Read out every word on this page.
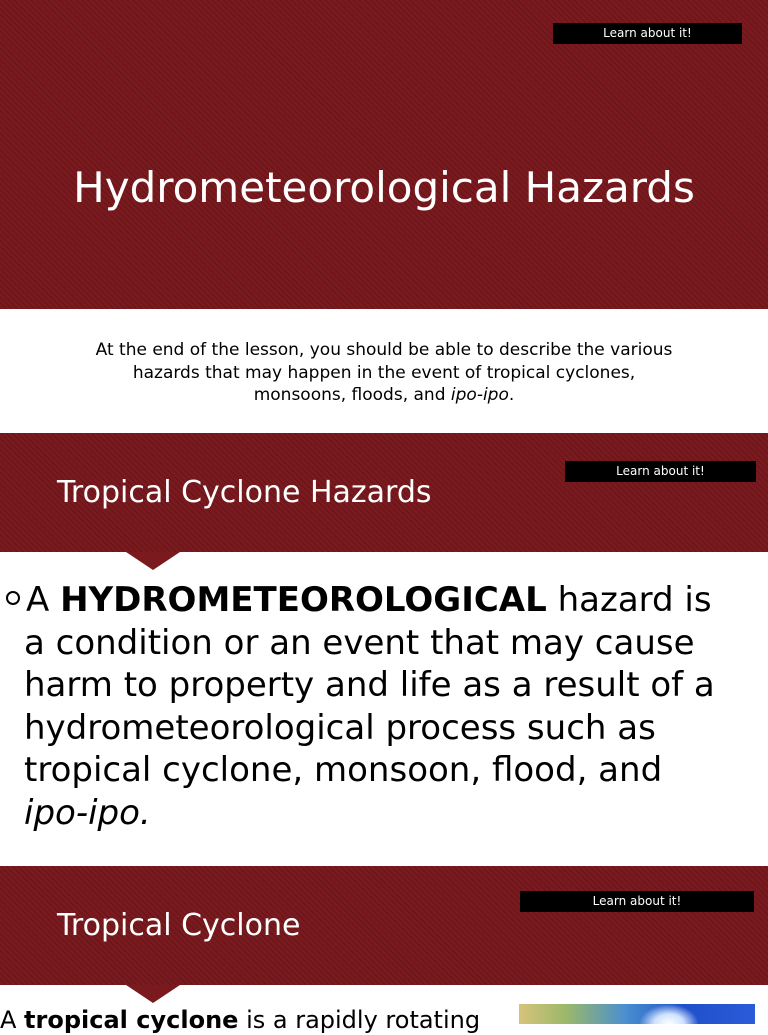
Learn about it!
Hydrometeorological Hazards
At the end of the lesson, you should be able to describe the various
hazards that may happen in the event of tropical cyclones,
monsoons, floods, and ipo-ipo.
Learn about it!
Tropical Cyclone Hazards
A HYDROMETEOROLOGICAL hazard is
a condition or an event that may cause
harm to property and life as a result of a
hydrometeorological process such as
tropical cyclone, monsoon, flood, and
ipo-ipo.
Learn about it!
Tropical Cyclone
A tropical cyclone is a rapidly rotating
